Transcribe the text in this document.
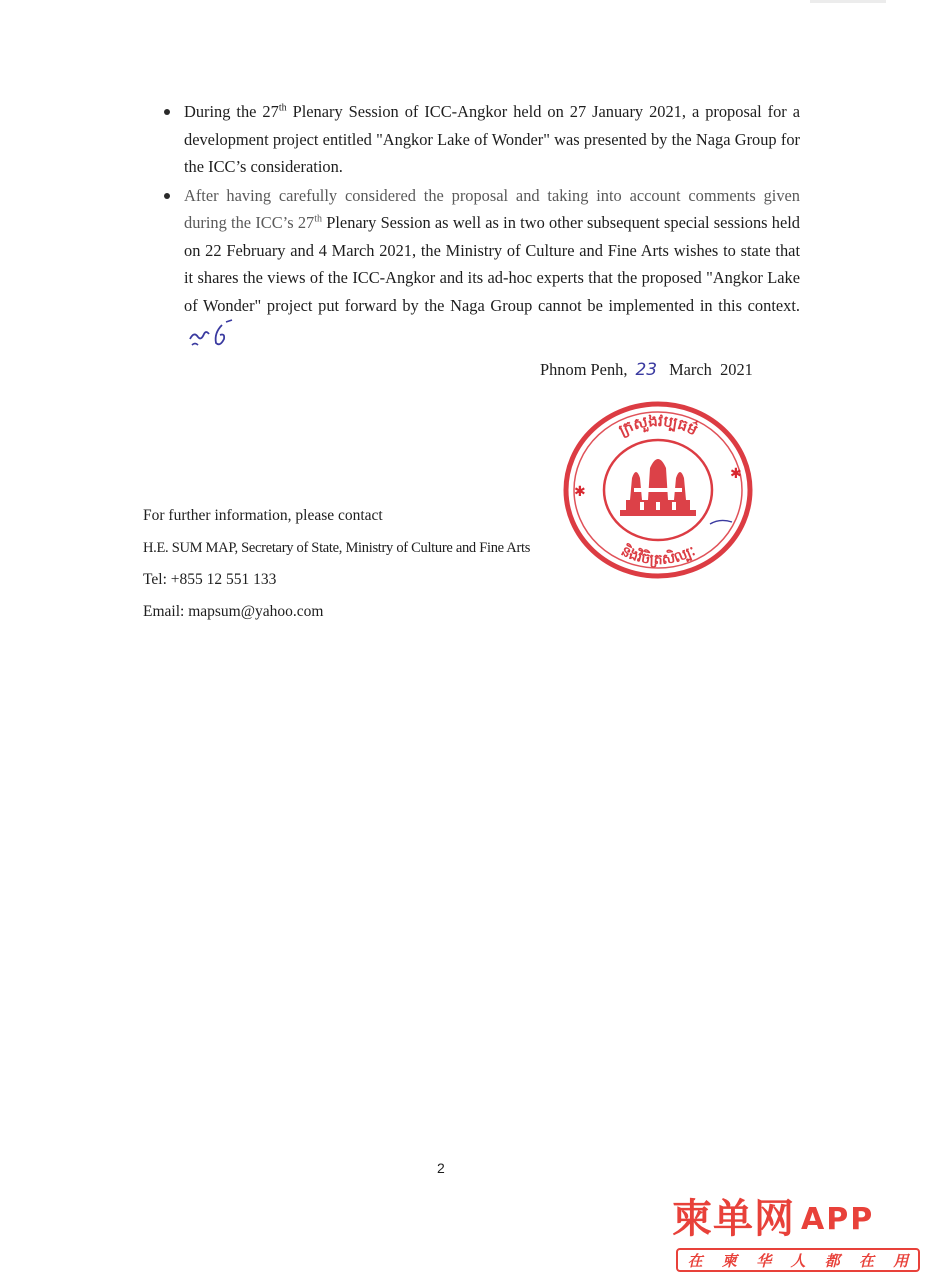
During the 27th Plenary Session of ICC-Angkor held on 27 January 2021, a proposal for a development project entitled "Angkor Lake of Wonder" was presented by the Naga Group for the ICC’s consideration.
After having carefully considered the proposal and taking into account comments given during the ICC’s 27th Plenary Session as well as in two other subsequent special sessions held on 22 February and 4 March 2021, the Ministry of Culture and Fine Arts wishes to state that it shares the views of the ICC-Angkor and its ad-hoc experts that the proposed "Angkor Lake of Wonder" project put forward by the Naga Group cannot be implemented in this context.
Phnom Penh, 23 March 2021
ក្រសួងវប្បធម៌
និងវិចិត្រសិល្បៈ
✱
✱
For further information, please contact
H.E. SUM MAP, Secretary of State, Ministry of Culture and Fine Arts
Tel: +855 12 551 133
Email: mapsum@yahoo.com
2
柬单网 APP
在 柬 华 人 都 在 用
